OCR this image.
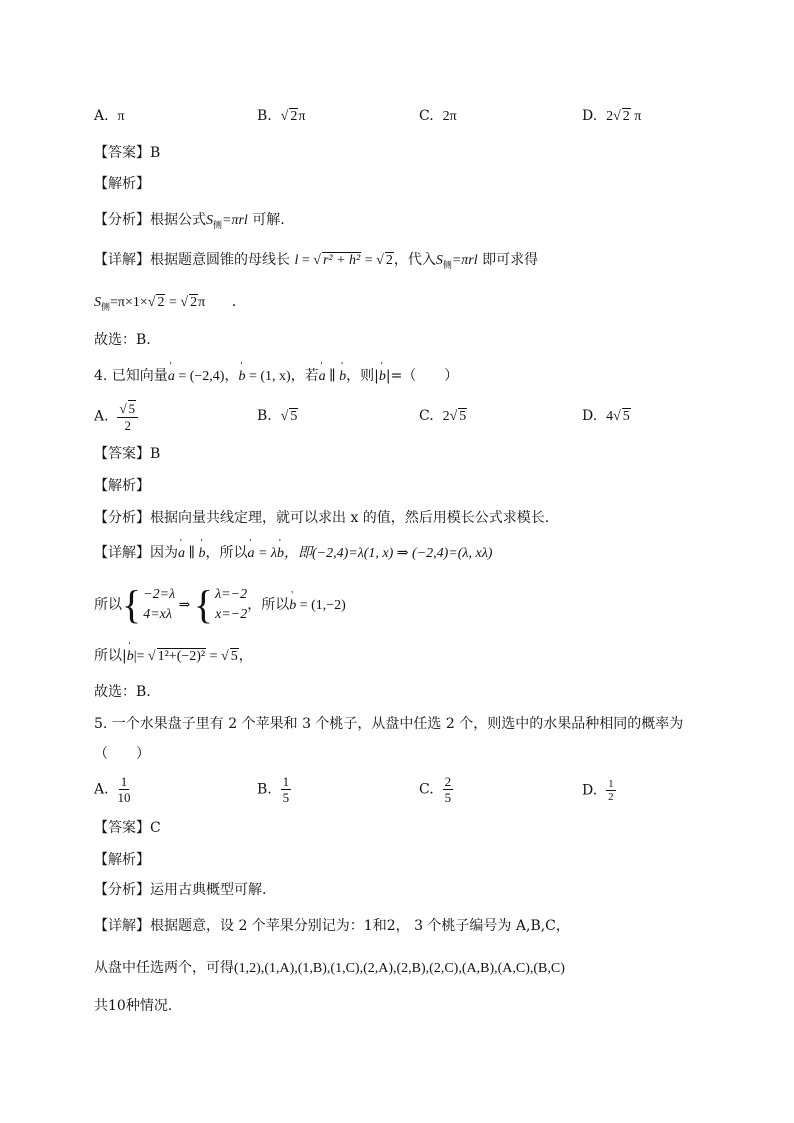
A. π	B.  √ 2π	C. 2π	D. 2√ 2 π
【答案】B
【解析】
【分析】根据公式$S_侧=\pi rl$ 可解.
【详解】根据题意圆锥的母线长 l = √ r² + h² = √ 2，代入$S_侧=\pi rl$ 即可求得
$S_侧=\pi\times 1\times√$ 2 = √ 2π ．
故选：B.
4. 已知向量' a = (−2,4)，' b = (1, x)，若' a ∥ ' b，则|' b|=（　　）
A.
√ $\frac{5}{2}$	B.  √ 5	C. 2√ 5	D. 4√ 5
【答案】B
【解析】
【分析】根据向量共线定理，就可以求出 x 的值，然后用模长公式求模长.
【详解】因为' a ∥ ' b，所以' a = λ' b，即(−2,4)=λ(1, x) ⇒ (−2,4)=(λ, xλ)
所以 { −2=λ
4=xλ
⇒ { λ=−2
x=−2
，所以' b = (1,−2)
所以|' b|= √ 1²+(−2)² = √ 5，
故选：B.
5. 一个水果盘子里有 2 个苹果和 3 个桃子，从盘中任选 2 个，则选中的水果品种相同的概率为
（　　）
A. $\frac{1}{10}$	B. $\frac{1}{5}$	C. $\frac{2}{5}$	D. $\frac{1}{2}$
【答案】C
【解析】
【分析】运用古典概型可解.
【详解】根据题意，设 2 个苹果分别记为：1和2， 3 个桃子编号为 A,B,C，
从盘中任选两个，可得(1,2),(1,A),(1,B),(1,C),(2,A),(2,B),(2,C),(A,B),(A,C),(B,C)
共10种情况.
